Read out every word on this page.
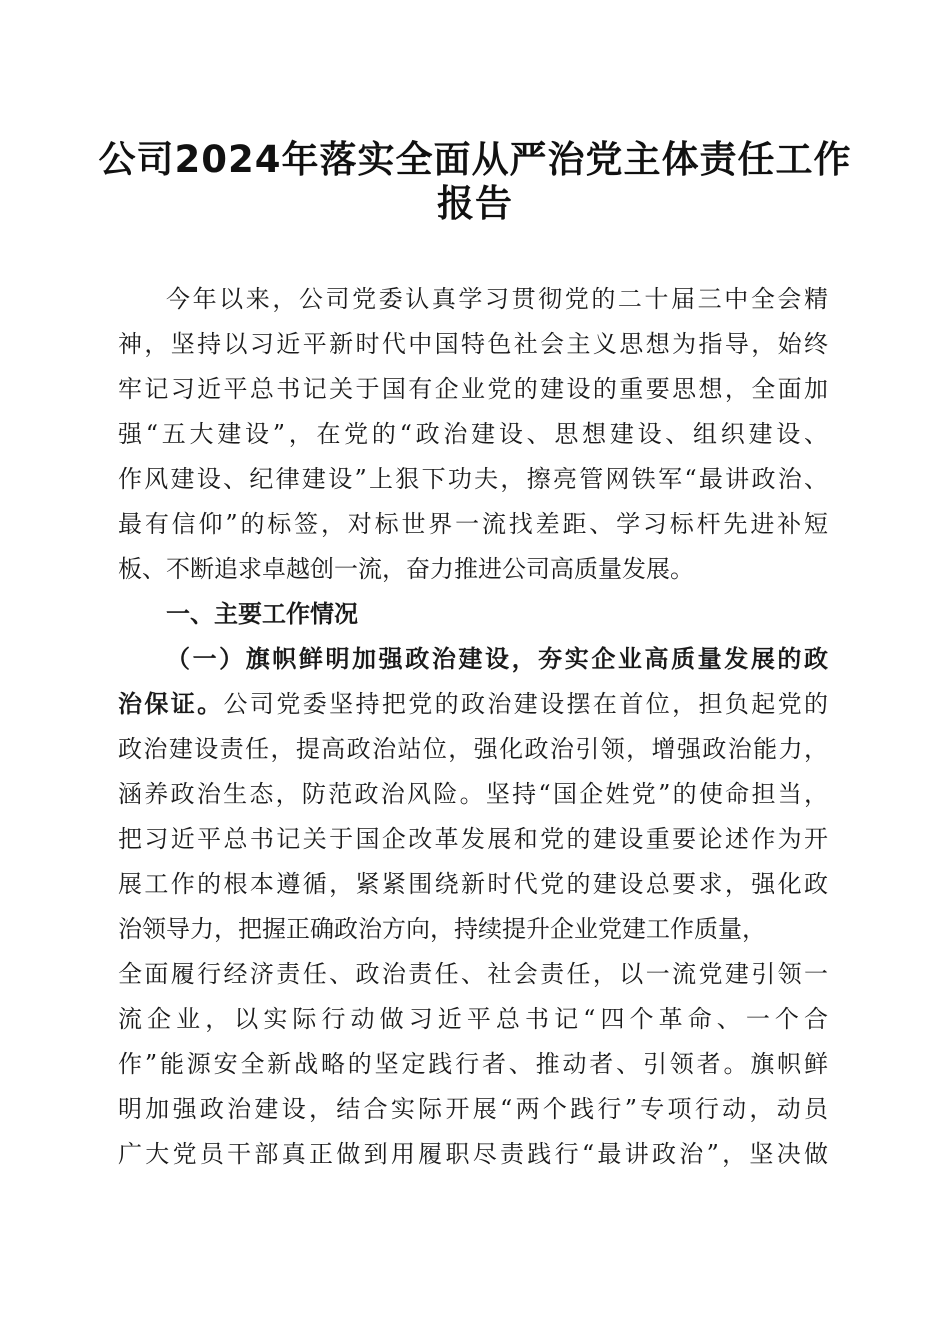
公司2024年落实全面从严治党主体责任工作
报告
今年以来，公司党委认真学习贯彻党的二十届三中全会精
神，坚持以习近平新时代中国特色社会主义思想为指导，始终
牢记习近平总书记关于国有企业党的建设的重要思想，全面加
强“五大建设”，在党的“政治建设、思想建设、组织建设、
作风建设、纪律建设”上狠下功夫，擦亮管网铁军“最讲政治、
最有信仰”的标签，对标世界一流找差距、学习标杆先进补短
板、不断追求卓越创一流，奋力推进公司高质量发展。
一、主要工作情况
（一）旗帜鲜明加强政治建设，夯实企业高质量发展的政
治保证。公司党委坚持把党的政治建设摆在首位，担负起党的
政治建设责任，提高政治站位，强化政治引领，增强政治能力，
涵养政治生态，防范政治风险。坚持“国企姓党”的使命担当，
把习近平总书记关于国企改革发展和党的建设重要论述作为开
展工作的根本遵循，紧紧围绕新时代党的建设总要求，强化政
治领导力，把握正确政治方向，持续提升企业党建工作质量，
全面履行经济责任、政治责任、社会责任，以一流党建引领一
流企业，以实际行动做习近平总书记“四个革命、一个合
作”能源安全新战略的坚定践行者、推动者、引领者。旗帜鲜
明加强政治建设，结合实际开展“两个践行”专项行动，动员
广大党员干部真正做到用履职尽责践行“最讲政治”，坚决做
